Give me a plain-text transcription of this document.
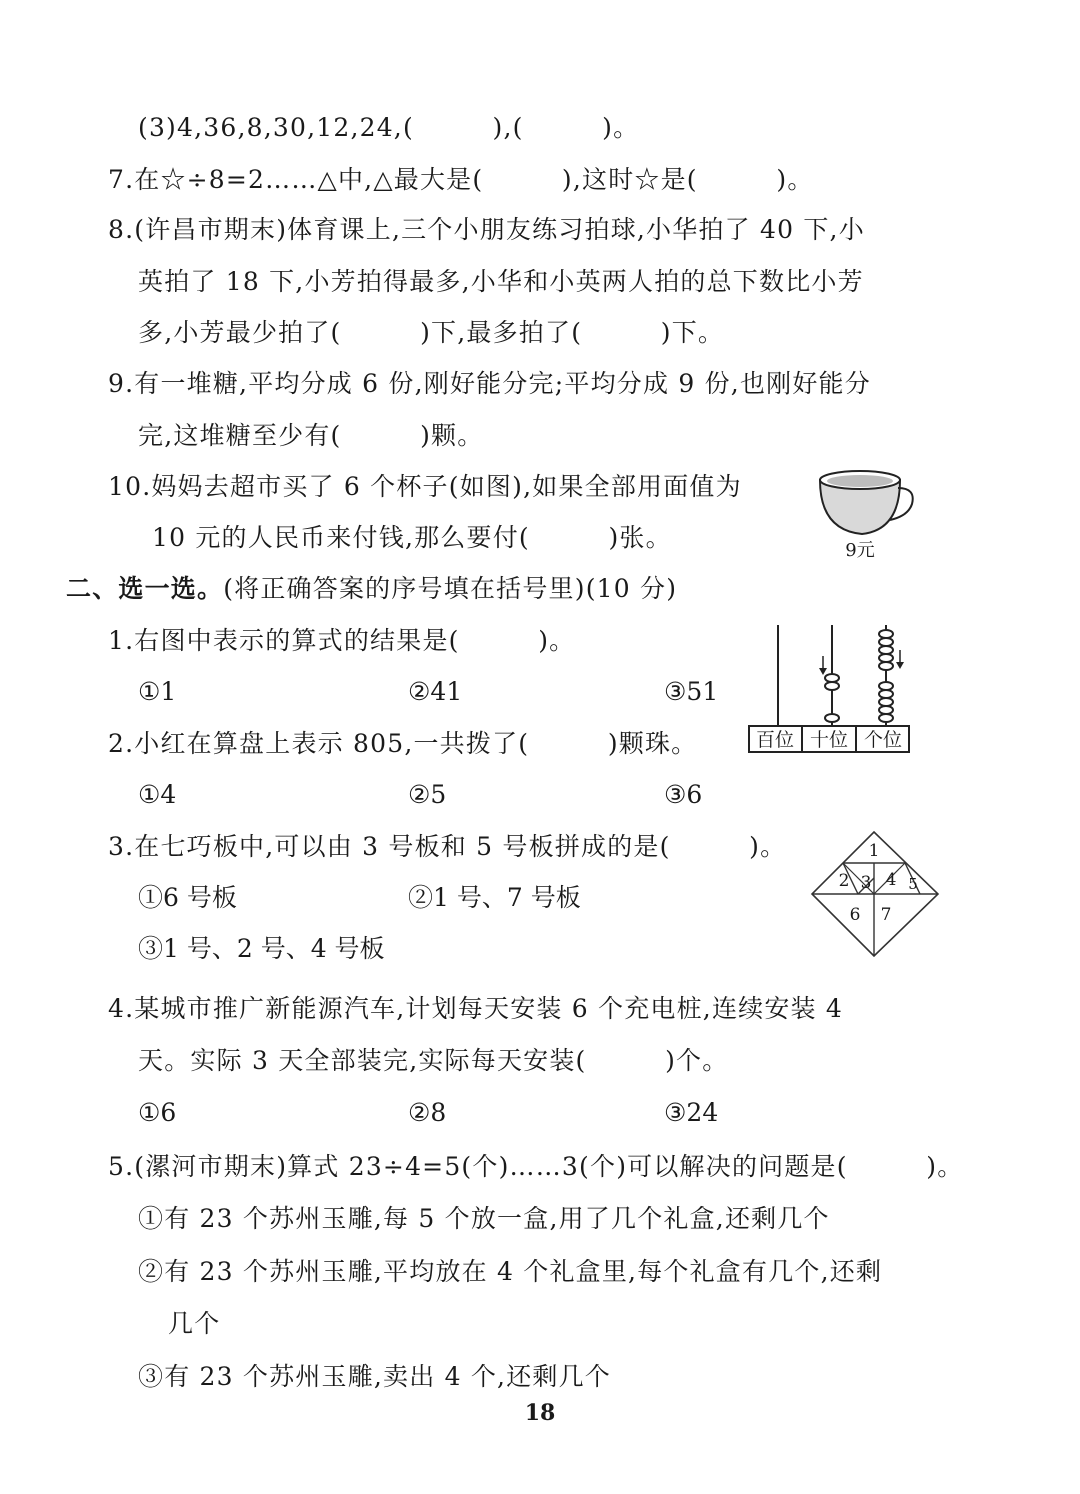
(3)4,36,8,30,12,24,(　　　),(　　　)。
7.在☆÷8=2……△中,△最大是(　　　),这时☆是(　　　)。
8.(许昌市期末)体育课上,三个小朋友练习拍球,小华拍了 40 下,小
英拍了 18 下,小芳拍得最多,小华和小英两人拍的总下数比小芳
多,小芳最少拍了(　　　)下,最多拍了(　　　)下。
9.有一堆糖,平均分成 6 份,刚好能分完;平均分成 9 份,也刚好能分
完,这堆糖至少有(　　　)颗。
10.妈妈去超市买了 6 个杯子(如图),如果全部用面值为
10 元的人民币来付钱,那么要付(　　　)张。	9元
二、选一选。(将正确答案的序号填在括号里)(10 分)
1.右图中表示的算式的结果是(　　　)。
①1	②41	③51
百位 十位 个位
2.小红在算盘上表示 805,一共拨了(　　　)颗珠。
①4	②5	③6
3.在七巧板中,可以由 3 号板和 5 号板拼成的是(　　　)。
①6 号板	②1 号、7 号板
③1 号、2 号、4 号板
1
2 3 4 5
6 7
4.某城市推广新能源汽车,计划每天安装 6 个充电桩,连续安装 4
天。实际 3 天全部装完,实际每天安装(　　　)个。
①6	②8	③24
5.(漯河市期末)算式 23÷4=5(个)……3(个)可以解决的问题是(　　　)。
①有 23 个苏州玉雕,每 5 个放一盒,用了几个礼盒,还剩几个
②有 23 个苏州玉雕,平均放在 4 个礼盒里,每个礼盒有几个,还剩
几个
③有 23 个苏州玉雕,卖出 4 个,还剩几个
18
